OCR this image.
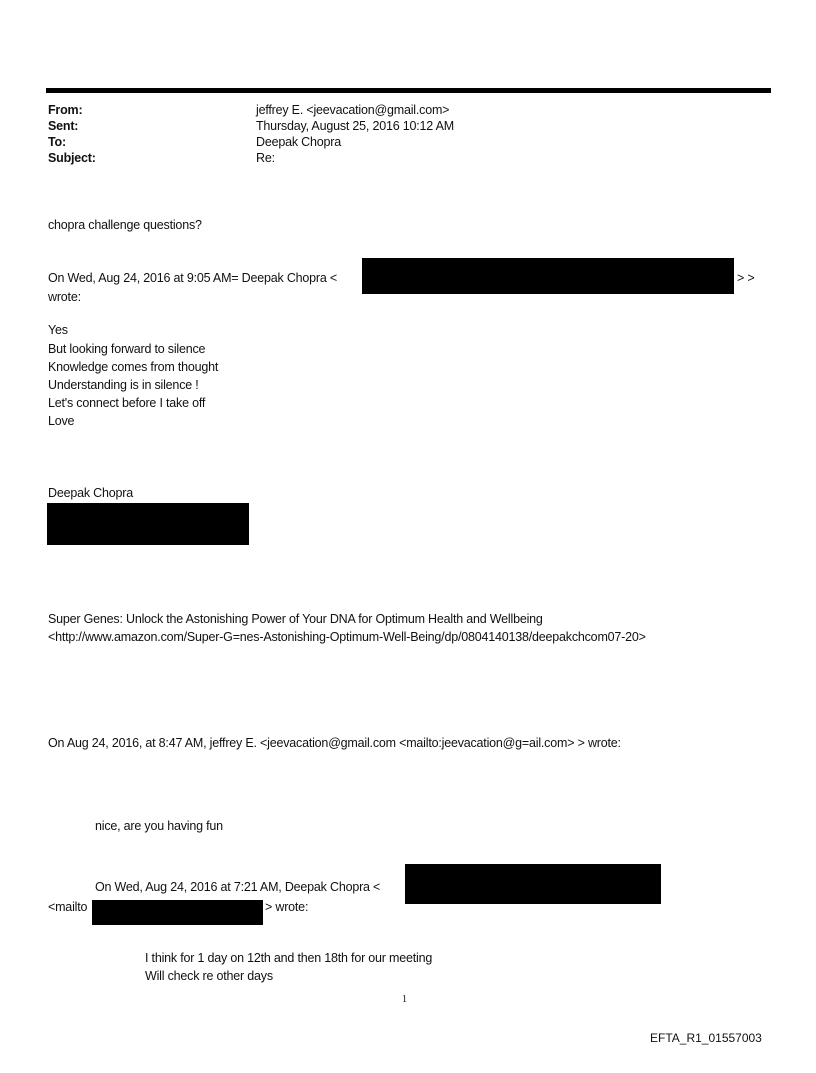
From:	jeffrey E. <jeevacation@gmail.com>
Sent:	Thursday, August 25, 2016 10:12 AM
To:	Deepak Chopra
Subject:	Re:
chopra challenge questions?
On Wed, Aug 24, 2016 at 9:05 AM= Deepak Chopra <	> >
wrote:
Yes
But looking forward to silence
Knowledge comes from thought
Understanding is in silence !
Let's connect before I take off
Love
Deepak Chopra
Super Genes: Unlock the Astonishing Power of Your DNA for Optimum Health and Wellbeing
<http://www.amazon.com/Super-G=nes-Astonishing-Optimum-Well-Being/dp/0804140138/deepakchcom07-20>
On Aug 24, 2016, at 8:47 AM, jeffrey E. <jeevacation@gmail.com <mailto:jeevacation@g=ail.com> > wrote:
nice, are you having fun
On Wed, Aug 24, 2016 at 7:21 AM, Deepak Chopra <
<mailto	> wrote:
I think for 1 day on 12th and then 18th for our meeting
Will check re other days
1
EFTA_R1_01557003
